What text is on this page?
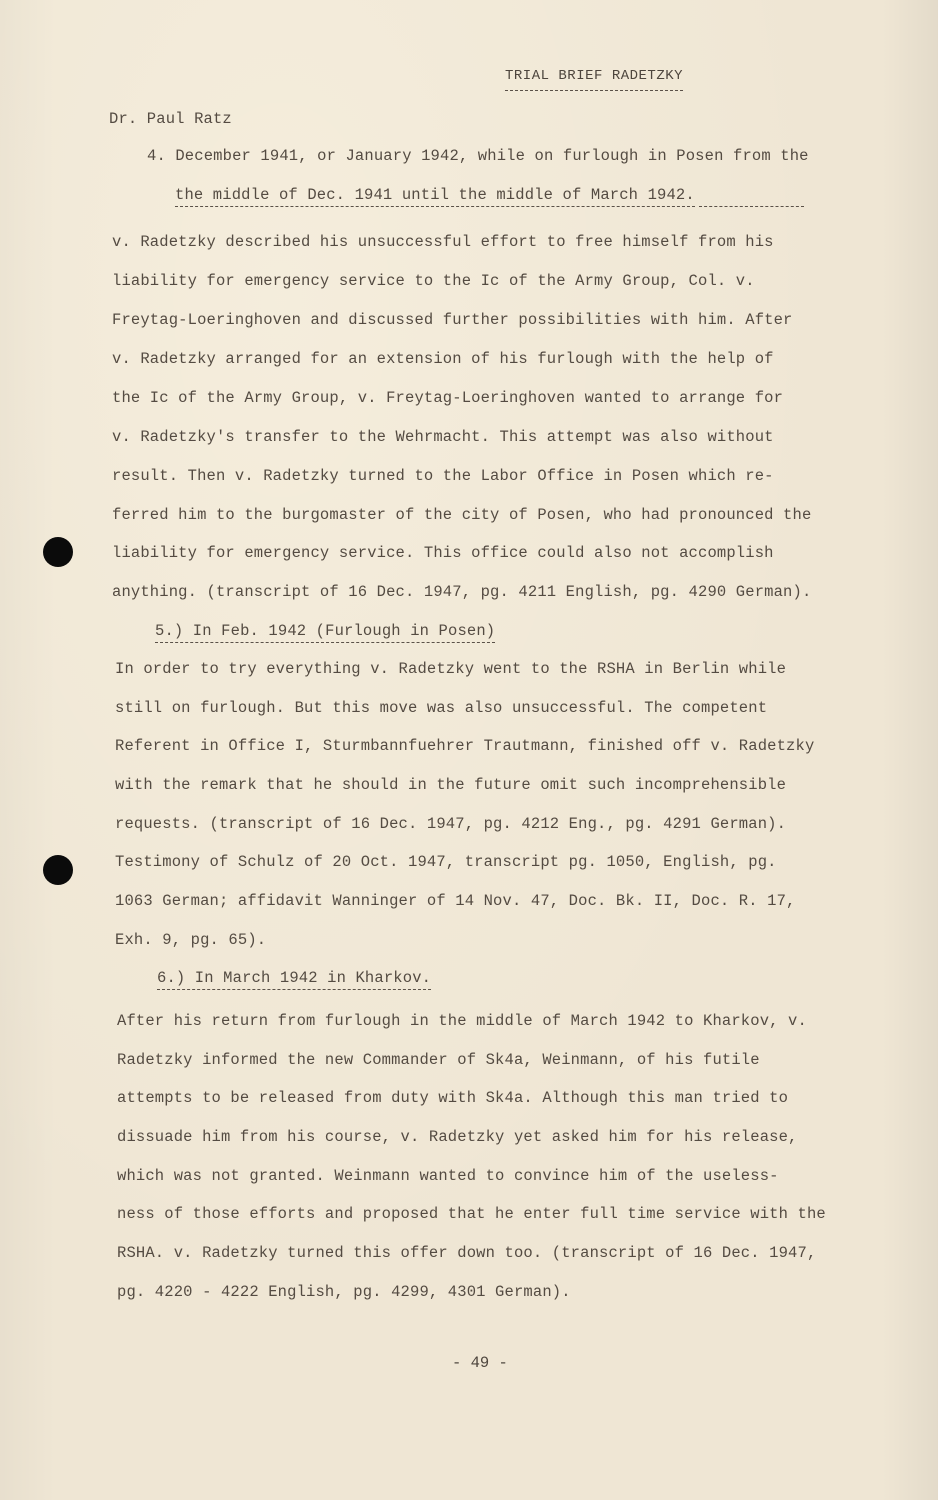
TRIAL BRIEF RADETZKY
Dr. Paul Ratz
4. December 1941, or January 1942, while on furlough in Posen from the
the middle of Dec. 1941 until the middle of March 1942.
v. Radetzky described his unsuccessful effort to free himself from his
liability for emergency service to the Ic of the Army Group, Col. v.
Freytag-Loeringhoven and discussed further possibilities with him. After
v. Radetzky arranged for an extension of his furlough with the help of
the Ic of the Army Group, v. Freytag-Loeringhoven wanted to arrange for
v. Radetzky's transfer to the Wehrmacht. This attempt was also without
result. Then v. Radetzky turned to the Labor Office in Posen which re-
ferred him to the burgomaster of the city of Posen, who had pronounced the
liability for emergency service. This office could also not accomplish
anything. (transcript of 16 Dec. 1947, pg. 4211 English, pg. 4290 German).
5.) In Feb. 1942 (Furlough in Posen)
In order to try everything v. Radetzky went to the RSHA in Berlin while
still on furlough. But this move was also unsuccessful. The competent
Referent in Office I, Sturmbannfuehrer Trautmann, finished off v. Radetzky
with the remark that he should in the future omit such incomprehensible
requests. (transcript of 16 Dec. 1947, pg. 4212 Eng., pg. 4291 German).
Testimony of Schulz of 20 Oct. 1947, transcript pg. 1050, English, pg.
1063 German; affidavit Wanninger of 14 Nov. 47, Doc. Bk. II, Doc. R. 17,
Exh. 9, pg. 65).
6.) In March 1942 in Kharkov.
After his return from furlough in the middle of March 1942 to Kharkov, v.
Radetzky informed the new Commander of Sk4a, Weinmann, of his futile
attempts to be released from duty with Sk4a. Although this man tried to
dissuade him from his course, v. Radetzky yet asked him for his release,
which was not granted. Weinmann wanted to convince him of the useless-
ness of those efforts and proposed that he enter full time service with the
RSHA. v. Radetzky turned this offer down too. (transcript of 16 Dec. 1947,
pg. 4220 - 4222 English, pg. 4299, 4301 German).
- 49 -
